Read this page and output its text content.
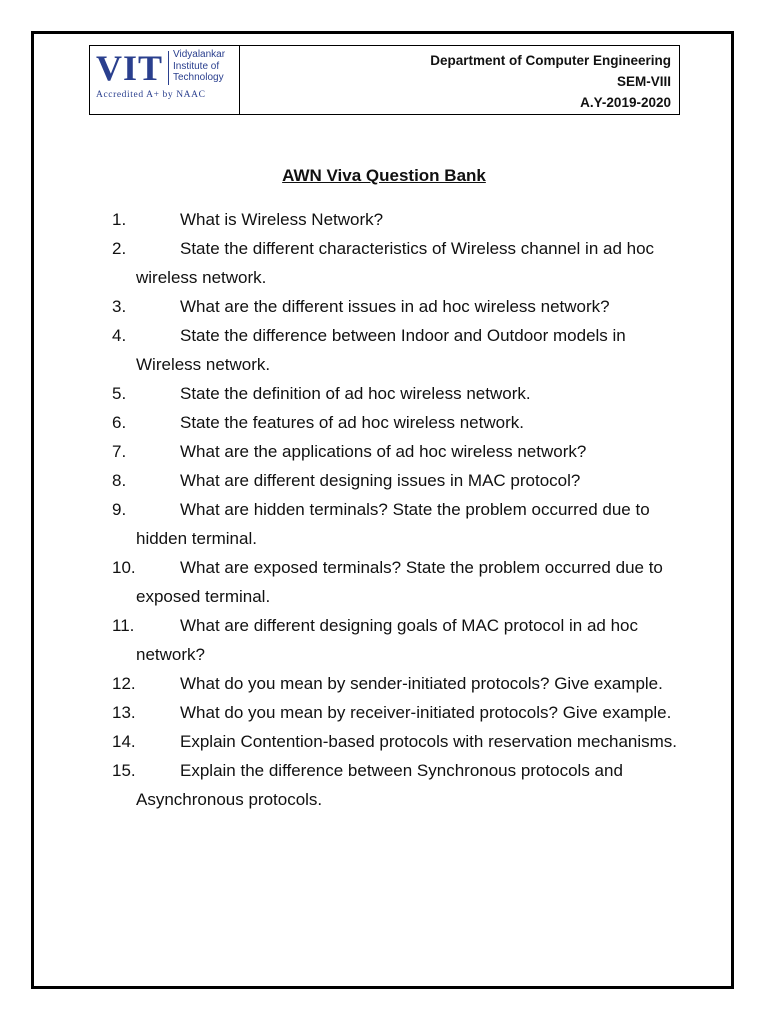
VIT Vidyalankar
Institute of
Technology
Accredited A+ by NAAC
Department of Computer Engineering
SEM-VIII
A.Y-2019-2020
AWN Viva Question Bank
1.	What is Wireless Network?
2.	State the different characteristics of Wireless channel in ad hoc wireless network.
3.	What are the different issues in ad hoc wireless network?
4.	State the difference between Indoor and Outdoor models in Wireless network.
5.	State the definition of ad hoc wireless network.
6.	State the features of ad hoc wireless network.
7.	What are the applications of ad hoc wireless network?
8.	What are different designing issues in MAC protocol?
9.	What are hidden terminals? State the problem occurred due to hidden terminal.
10.	What are exposed terminals? State the problem occurred due to exposed terminal.
11.	What are different designing goals of MAC protocol in ad hoc network?
12.	What do you mean by sender-initiated protocols? Give example.
13.	What do you mean by receiver-initiated protocols? Give example.
14.	Explain Contention-based protocols with reservation mechanisms.
15.	Explain the difference between Synchronous protocols and Asynchronous protocols.
